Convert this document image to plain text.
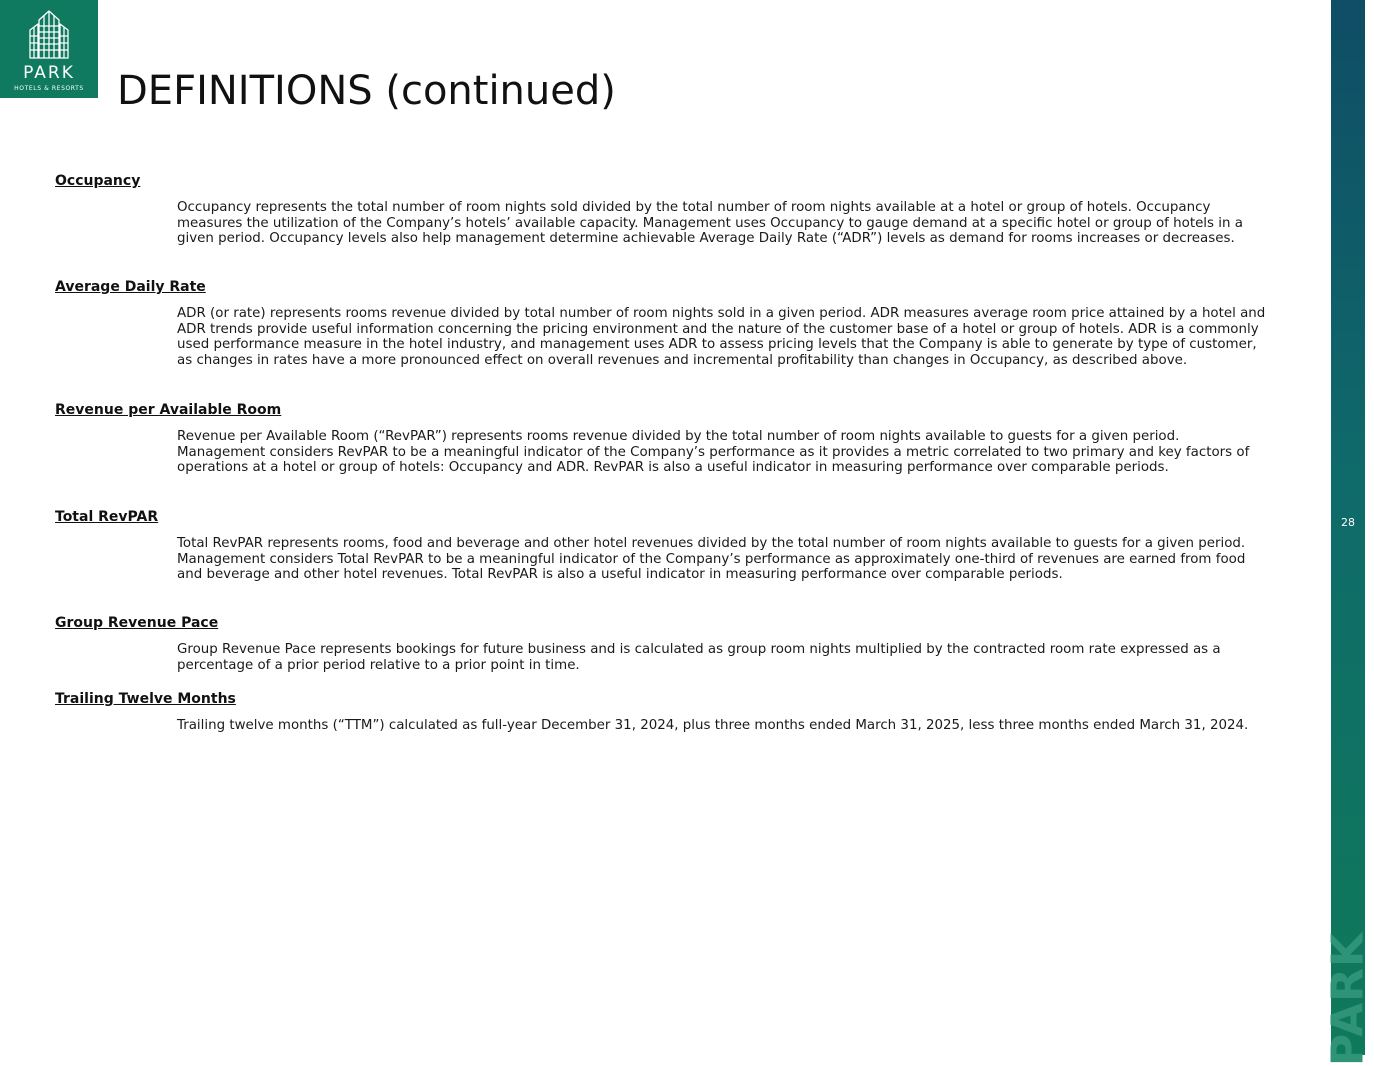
PARK
HOTELS & RESORTS DEFINITIONS (continued)
28
PARK

Occupancy

Occupancy represents the total number of room nights sold divided by the total number of room nights available at a hotel or group of hotels. Occupancy measures the utilization of the Company’s hotels’ available capacity. Management uses Occupancy to gauge demand at a specific hotel or group of hotels in a given period. Occupancy levels also help management determine achievable Average Daily Rate (“ADR”) levels as demand for rooms increases or decreases.

Average Daily Rate

ADR (or rate) represents rooms revenue divided by total number of room nights sold in a given period. ADR measures average room price attained by a hotel and ADR trends provide useful information concerning the pricing environment and the nature of the customer base of a hotel or group of hotels. ADR is a commonly used performance measure in the hotel industry, and management uses ADR to assess pricing levels that the Company is able to generate by type of customer, as changes in rates have a more pronounced effect on overall revenues and incremental profitability than changes in Occupancy, as described above.

Revenue per Available Room

Revenue per Available Room (“RevPAR”) represents rooms revenue divided by the total number of room nights available to guests for a given period. Management considers RevPAR to be a meaningful indicator of the Company’s performance as it provides a metric correlated to two primary and key factors of operations at a hotel or group of hotels: Occupancy and ADR. RevPAR is also a useful indicator in measuring performance over comparable periods.

Total RevPAR

Total RevPAR represents rooms, food and beverage and other hotel revenues divided by the total number of room nights available to guests for a given period. Management considers Total RevPAR to be a meaningful indicator of the Company’s performance as approximately one-third of revenues are earned from food and beverage and other hotel revenues. Total RevPAR is also a useful indicator in measuring performance over comparable periods.

Group Revenue Pace

Group Revenue Pace represents bookings for future business and is calculated as group room nights multiplied by the contracted room rate expressed as a percentage of a prior period relative to a prior point in time.

Trailing Twelve Months

Trailing twelve months (“TTM”) calculated as full-year December 31, 2024, plus three months ended March 31, 2025, less three months ended March 31, 2024.
